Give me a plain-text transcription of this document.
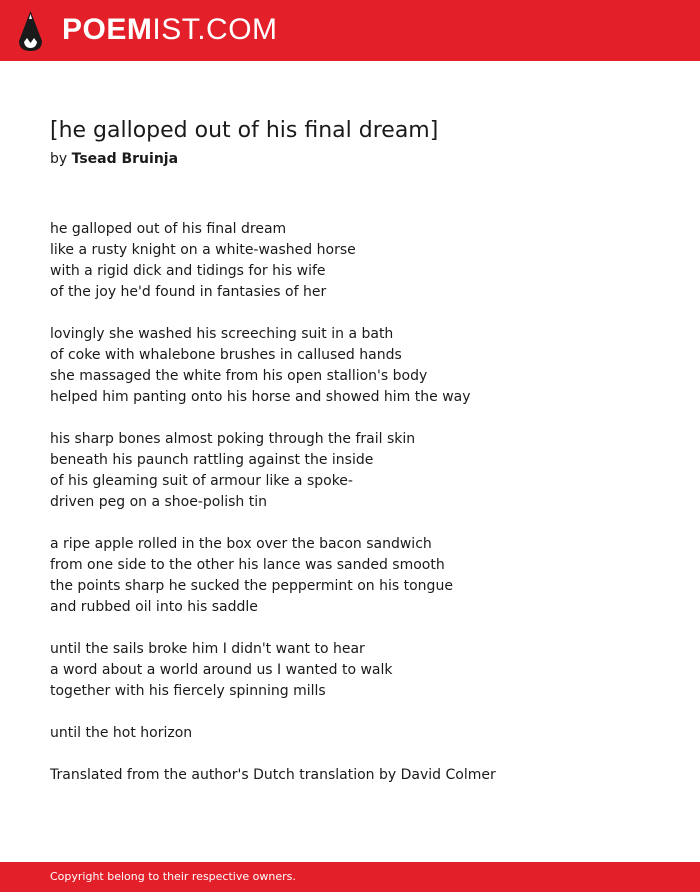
POEMIST.COM
[he galloped out of his final dream]
by Tsead Bruinja
he galloped out of his final dream
like a rusty knight on a white-washed horse
with a rigid dick and tidings for his wife
of the joy he'd found in fantasies of her
lovingly she washed his screeching suit in a bath
of coke with whalebone brushes in callused hands
she massaged the white from his open stallion's body
helped him panting onto his horse and showed him the way
his sharp bones almost poking through the frail skin
beneath his paunch rattling against the inside
of his gleaming suit of armour like a spoke-
driven peg on a shoe-polish tin
a ripe apple rolled in the box over the bacon sandwich
from one side to the other his lance was sanded smooth
the points sharp he sucked the peppermint on his tongue
and rubbed oil into his saddle
until the sails broke him I didn't want to hear
a word about a world around us I wanted to walk
together with his fiercely spinning mills
until the hot horizon
Translated from the author's Dutch translation by David Colmer
Copyright belong to their respective owners.
